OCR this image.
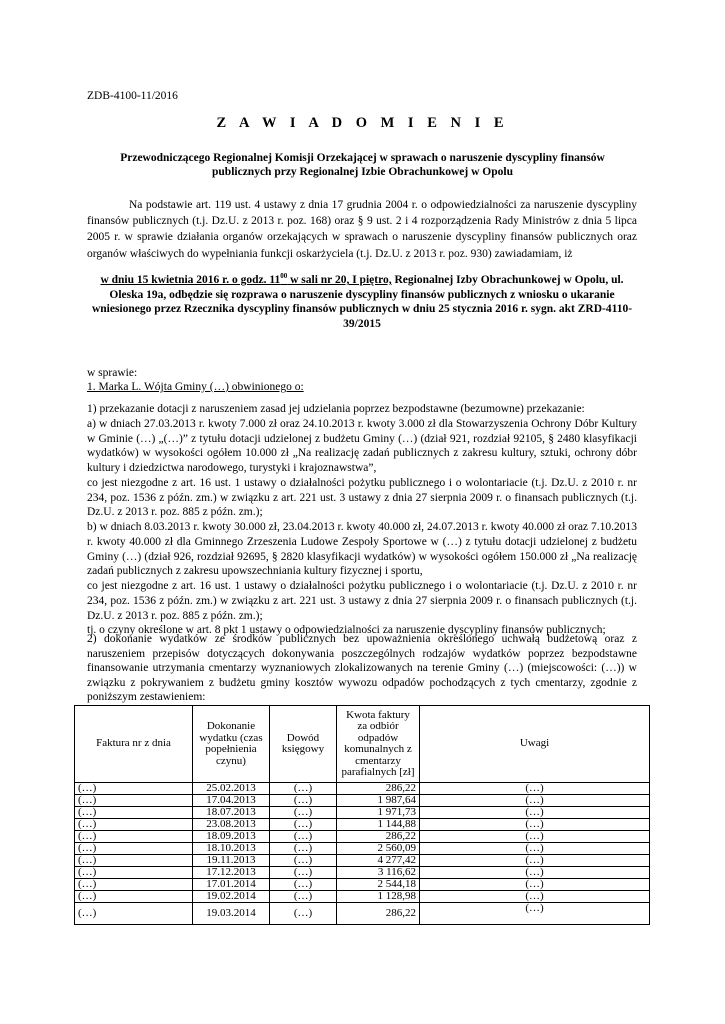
ZDB-4100-11/2016
Z A W I A D O M I E N I E
Przewodniczącego Regionalnej Komisji Orzekającej w sprawach o naruszenie dyscypliny finansów publicznych przy Regionalnej Izbie Obrachunkowej w Opolu

Na podstawie art. 119 ust. 4 ustawy z dnia 17 grudnia 2004 r. o odpowiedzialności za naruszenie dyscypliny finansów publicznych (t.j. Dz.U. z 2013 r. poz. 168) oraz § 9 ust. 2 i 4 rozporządzenia Rady Ministrów z dnia 5 lipca 2005 r. w sprawie działania organów orzekających w sprawach o naruszenie dyscypliny finansów publicznych oraz organów właściwych do wypełniania funkcji oskarżyciela (t.j. Dz.U. z 2013 r. poz. 930) zawiadamiam, iż

w dniu 15 kwietnia 2016 r. o godz. $11^{00}$ w sali nr 20, I piętro, Regionalnej Izby Obrachunkowej w Opolu, ul. Oleska 19a, odbędzie się rozprawa o naruszenie dyscypliny finansów publicznych z wniosku o ukaranie wniesionego przez Rzecznika dyscypliny finansów publicznych w dniu 25 stycznia 2016 r. sygn. akt ZRD-4110-39/2015

w sprawie:
1. Marka L. Wójta Gminy (…) obwinionego o:
1) przekazanie dotacji z naruszeniem zasad jej udzielania poprzez bezpodstawne (bezumowne) przekazanie:
a) w dniach 27.03.2013 r. kwoty 7.000 zł oraz 24.10.2013 r. kwoty 3.000 zł dla Stowarzyszenia Ochrony Dóbr Kultury w Gminie (…) „(…)” z tytułu dotacji udzielonej z budżetu Gminy (…) (dział 921, rozdział 92105, § 2480 klasyfikacji wydatków) w wysokości ogółem 10.000 zł „Na realizację zadań publicznych z zakresu kultury, sztuki, ochrony dóbr kultury i dziedzictwa narodowego, turystyki i krajoznawstwa”,
co jest niezgodne z art. 16 ust. 1 ustawy o działalności pożytku publicznego i o wolontariacie (t.j. Dz.U. z 2010 r. nr 234, poz. 1536 z późn. zm.) w związku z art. 221 ust. 3 ustawy z dnia 27 sierpnia 2009 r. o finansach publicznych (t.j. Dz.U. z 2013 r. poz. 885 z późn. zm.);
b) w dniach 8.03.2013 r. kwoty 30.000 zł, 23.04.2013 r. kwoty 40.000 zł, 24.07.2013 r. kwoty 40.000 zł oraz 7.10.2013 r. kwoty 40.000 zł dla Gminnego Zrzeszenia Ludowe Zespoły Sportowe w (…) z tytułu dotacji udzielonej z budżetu Gminy (…) (dział 926, rozdział 92695, § 2820 klasyfikacji wydatków) w wysokości ogółem 150.000 zł „Na realizację zadań publicznych z zakresu upowszechniania kultury fizycznej i sportu,
co jest niezgodne z art. 16 ust. 1 ustawy o działalności pożytku publicznego i o wolontariacie (t.j. Dz.U. z 2010 r. nr 234, poz. 1536 z późn. zm.) w związku z art. 221 ust. 3 ustawy z dnia 27 sierpnia 2009 r. o finansach publicznych (t.j. Dz.U. z 2013 r. poz. 885 z późn. zm.);
tj. o czyny określone w art. 8 pkt 1 ustawy o odpowiedzialności za naruszenie dyscypliny finansów publicznych;

2) dokonanie wydatków ze środków publicznych bez upoważnienia określonego uchwałą budżetową oraz z naruszeniem przepisów dotyczących dokonywania poszczególnych rodzajów wydatków poprzez bezpodstawne finansowanie utrzymania cmentarzy wyznaniowych zlokalizowanych na terenie Gminy (…) (miejscowości: (…)) w związku z pokrywaniem z budżetu gminy kosztów wywozu odpadów pochodzących z tych cmentarzy, zgodnie z poniższym zestawieniem:

Faktura nr z dnia	Dokonanie wydatku (czas popełnienia czynu)	Dowód księgowy	Kwota faktury za odbiór odpadów komunalnych z cmentarzy parafialnych [zł]	Uwagi
(…)	25.02.2013	(…)	286,22	(…)
(…)	17.04.2013	(…)	1 987,64	(…)
(…)	18.07.2013	(…)	1 971,73	(…)
(…)	23.08.2013	(…)	1 144,88	(…)
(…)	18.09.2013	(…)	286,22	(…)
(…)	18.10.2013	(…)	2 560,09	(…)
(…)	19.11.2013	(…)	4 277,42	(…)
(…)	17.12.2013	(…)	3 116,62	(…)
(…)	17.01.2014	(…)	2 544,18	(…)
(…)	19.02.2014	(…)	1 128,98	(…)
(…)	19.03.2014	(…)	286,22	(…)
